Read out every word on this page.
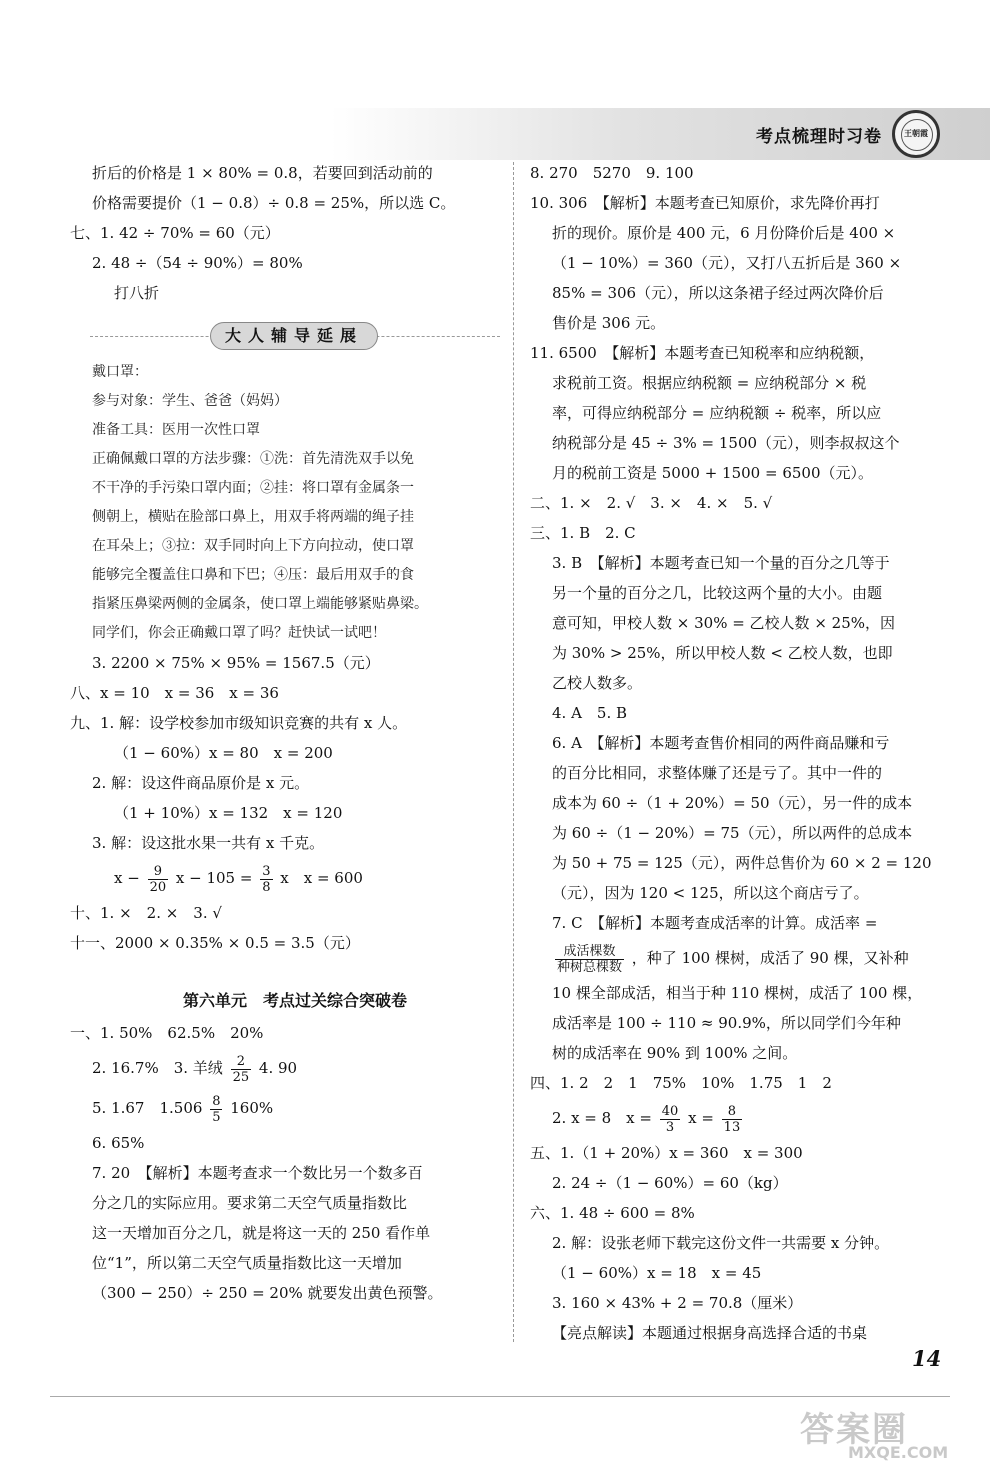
考点梳理时习卷	王朝霞
折后的价格是 1 × 80% = 0.8，若要回到活动前的
价格需要提价（1 − 0.8）÷ 0.8 = 25%，所以选 C。
七、1. 42 ÷ 70% = 60（元）
2. 48 ÷（54 ÷ 90%）= 80%
打八折
大人辅导延展
戴口罩：
参与对象：学生、爸爸（妈妈）
准备工具：医用一次性口罩
正确佩戴口罩的方法步骤：①洗：首先清洗双手以免
不干净的手污染口罩内面；②挂：将口罩有金属条一
侧朝上，横贴在脸部口鼻上，用双手将两端的绳子挂
在耳朵上；③拉：双手同时向上下方向拉动，使口罩
能够完全覆盖住口鼻和下巴；④压：最后用双手的食
指紧压鼻梁两侧的金属条，使口罩上端能够紧贴鼻梁。
同学们，你会正确戴口罩了吗？赶快试一试吧！
3. 2200 × 75% × 95% = 1567.5（元）
八、x = 10　x = 36　x = 36
九、1. 解：设学校参加市级知识竞赛的共有 x 人。
（1 − 60%）x = 80　x = 200
2. 解：设这件商品原价是 x 元。
（1 + 10%）x = 132　x = 120
3. 解：设这批水果一共有 x 千克。
$x - \frac{9}{20}$ $x - 105 = \frac{3}{8}$ x　x = 600
十、1. ×　2. ×　3. √
十一、2000 × 0.35% × 0.5 = 3.5（元）
第六单元　考点过关综合突破卷
一、1. 50%　62.5%　20%
2. 16.7%　3. 羊绒 $\frac{2}{25} 4$. 90
5. 1.67　$1.506 \frac{8}{5} 160\%$
6. 65%
7. 20　【解析】本题考查求一个数比另一个数多百
分之几的实际应用。要求第二天空气质量指数比
这一天增加百分之几，就是将这一天的 250 看作单
位“1”，所以第二天空气质量指数比这一天增加
（300 − 250）÷ 250 = 20% 就要发出黄色预警。
8. 270　5270　9. 100
10. 306　【解析】本题考查已知原价，求先降价再打
折的现价。原价是 400 元，6 月份降价后是 400 ×
（1 − 10%）= 360（元），又打八五折后是 360 ×
85% = 306（元），所以这条裙子经过两次降价后
售价是 306 元。
11. 6500　【解析】本题考查已知税率和应纳税额，
求税前工资。根据应纳税额 = 应纳税部分 × 税
率，可得应纳税部分 = 应纳税额 ÷ 税率，所以应
纳税部分是 45 ÷ 3% = 1500（元），则李叔叔这个
月的税前工资是 5000 + 1500 = 6500（元）。
二、1. ×　2. √　3. ×　4. ×　5. √
三、1. B　2. C
3. B　【解析】本题考查已知一个量的百分之几等于
另一个量的百分之几，比较这两个量的大小。由题
意可知，甲校人数 × 30% = 乙校人数 × 25%，因
为 30% > 25%，所以甲校人数 < 乙校人数，也即
乙校人数多。
4. A　5. B
6. A　【解析】本题考查售价相同的两件商品赚和亏
的百分比相同，求整体赚了还是亏了。其中一件的
成本为 60 ÷（1 + 20%）= 50（元），另一件的成本
为 60 ÷（1 − 20%）= 75（元），所以两件的总成本
为 50 + 75 = 125（元），两件总售价为 60 × 2 = 120
（元），因为 120 < 125，所以这个商店亏了。
7. C　【解析】本题考查成活率的计算。成活率 =
$\frac{\text{成活棵数}}{\text{种树总棵数}}$ ，种了 100 棵树，成活了 90 棵，又补种
10 棵全部成活，相当于种 110 棵树，成活了 100 棵，
成活率是 100 ÷ 110 ≈ 90.9%，所以同学们今年种
树的成活率在 90% 到 100% 之间。
四、1. 2　2　1　75%　10%　1.75　1　2
2. x = 8　$x = \frac{40}{3}$ $x = \frac{8}{13}$
五、1.（1 + 20%）x = 360　x = 300
2. 24 ÷（1 − 60%）= 60（kg）
六、1. 48 ÷ 600 = 8%
2. 解：设张老师下载完这份文件一共需要 x 分钟。
（1 − 60%）x = 18　x = 45
3. 160 × 43% + 2 = 70.8（厘米）
【亮点解读】本题通过根据身高选择合适的书桌
14
答案圈
MXQE.COM
